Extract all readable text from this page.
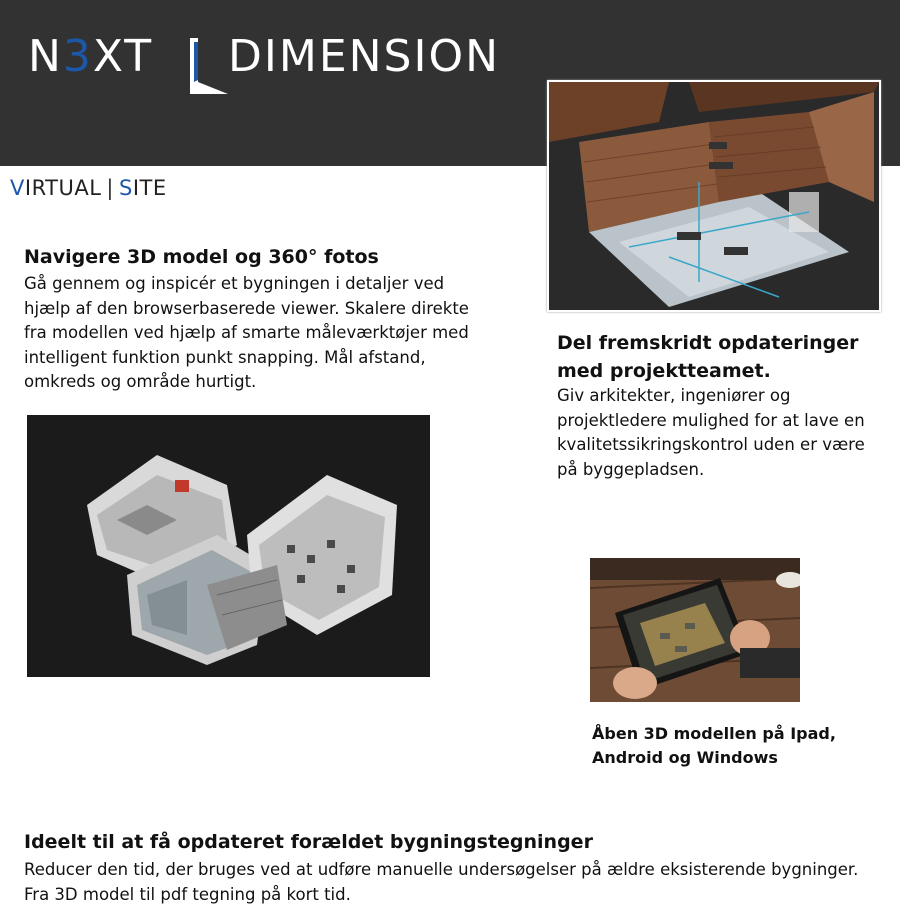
N3XT DIMENSION
VIRTUAL | SITE
Navigere 3D model og 360° fotos
Gå gennem og inspicér et bygningen i detaljer ved
hjælp af den browserbaserede viewer. Skalere direkte
fra modellen ved hjælp af smarte måleværktøjer med
intelligent funktion punkt snapping. Mål afstand,
omkreds og område hurtigt.
Del fremskridt opdateringer
med projektteamet.
Giv arkitekter, ingeniører og
projektledere mulighed for at lave en
kvalitetssikringskontrol uden er være
på byggepladsen.
Åben 3D modellen på Ipad,
Android og Windows
Ideelt til at få opdateret forældet bygningstegninger
Reducer den tid, der bruges ved at udføre manuelle undersøgelser på ældre eksisterende bygninger.
Fra 3D model til pdf tegning på kort tid.
